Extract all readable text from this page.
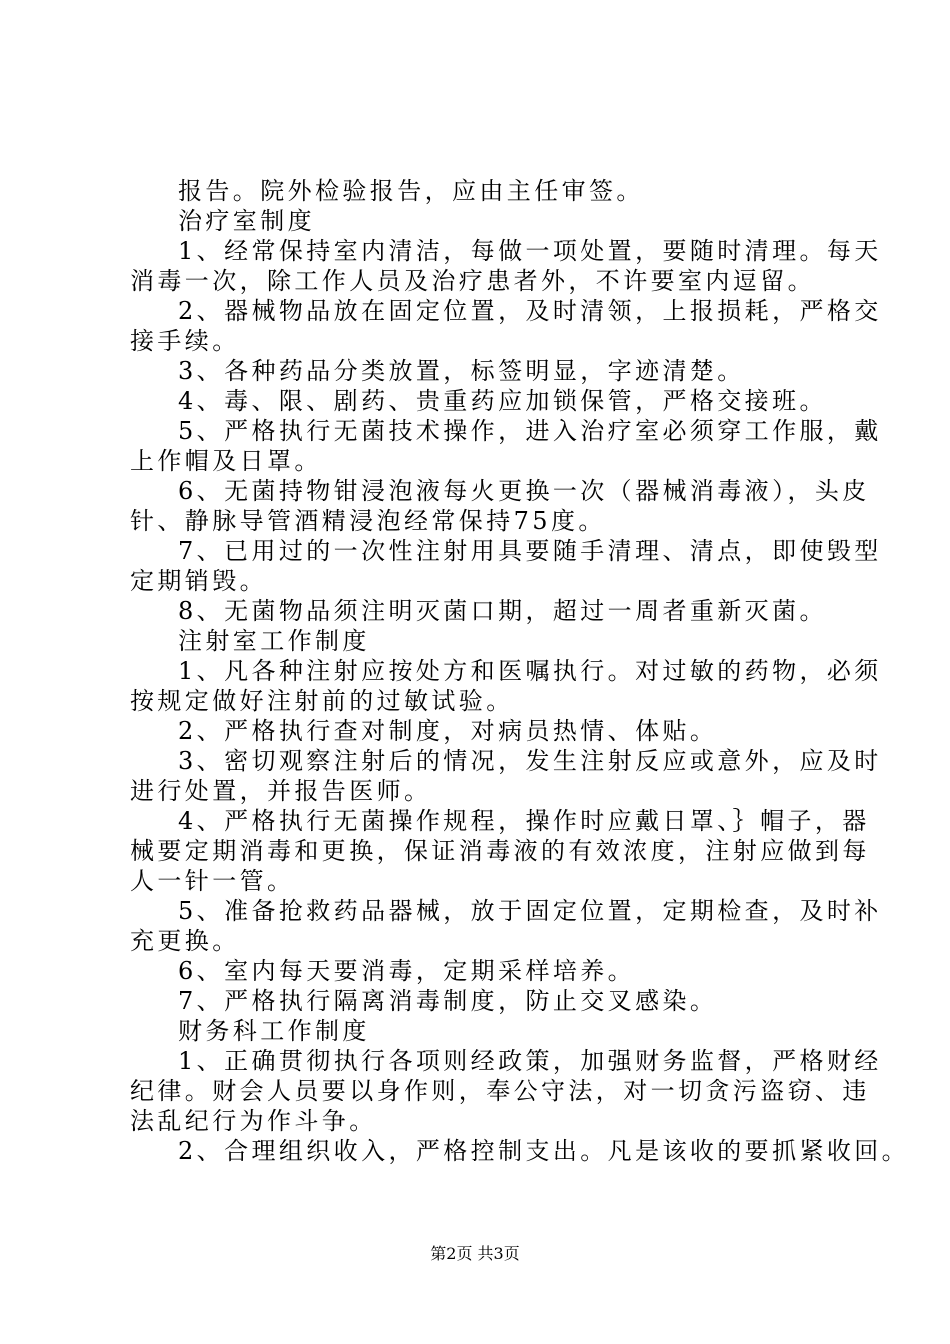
报告。院外检验报告，应由主任审签。
治疗室制度
1、经常保持室内清洁，每做一项处置，要随时清理。每天
消毒一次，除工作人员及治疗患者外，不许要室内逗留。
2、器械物品放在固定位置，及时清领，上报损耗，严格交
接手续。
3、各种药品分类放置，标签明显，字迹清楚。
4、毒、限、剧药、贵重药应加锁保管，严格交接班。
5、严格执行无菌技术操作，进入治疗室必须穿工作服，戴
上作帽及日罩。
6、无菌持物钳浸泡液每火更换一次（器械消毒液），头皮
针、静脉导管酒精浸泡经常保持75度。
7、已用过的一次性注射用具要随手清理、清点，即使毁型
定期销毁。
8、无菌物品须注明灭菌口期，超过一周者重新灭菌。
注射室工作制度
1、凡各种注射应按处方和医嘱执行。对过敏的药物，必须
按规定做好注射前的过敏试验。
2、严格执行查对制度，对病员热情、体贴。
3、密切观察注射后的情况，发生注射反应或意外，应及时
进行处置，并报告医师。
4、严格执行无菌操作规程，操作时应戴日罩、｝帽子，器
械要定期消毒和更换，保证消毒液的有效浓度，注射应做到每
人一针一管。
5、准备抢救药品器械，放于固定位置，定期检查，及时补
充更换。
6、室内每天要消毒，定期采样培养。
7、严格执行隔离消毒制度，防止交叉感染。
财务科工作制度
1、正确贯彻执行各项则经政策，加强财务监督，严格财经
纪律。财会人员要以身作则，奉公守法，对一切贪污盗窃、违
法乱纪行为作斗争。
2、合理组织收入，严格控制支出。凡是该收的要抓紧收回。
第2页 共3页
